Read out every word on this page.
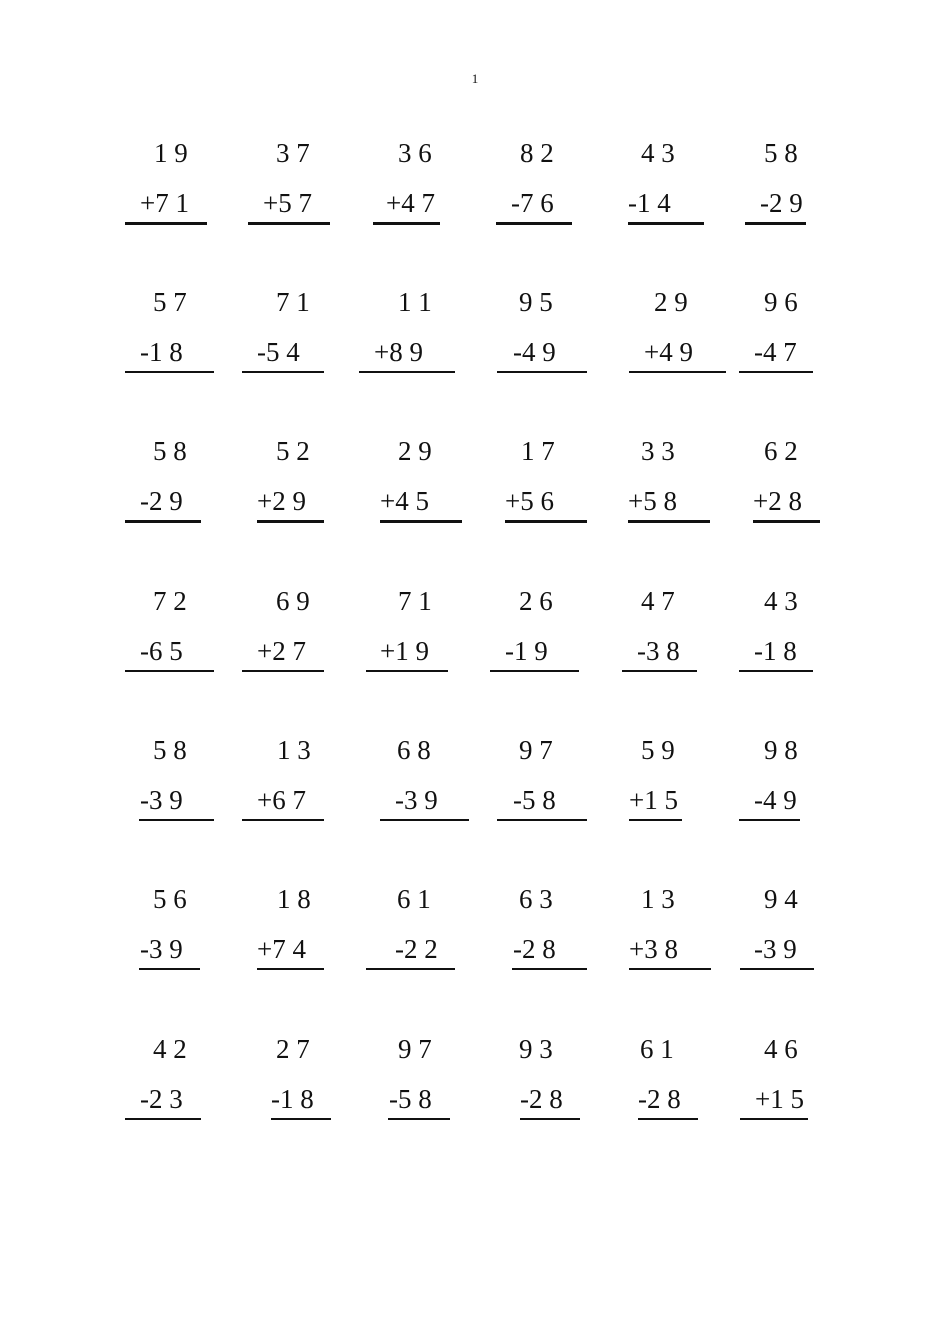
1
1 9
+7 1
3 7
+5 7
3 6
+4 7
8 2
-7 6
4 3
-1 4
5 8
-2 9
5 7
-1 8
7 1
-5 4
1 1
+8 9
9 5
-4 9
2 9
+4 9
9 6
-4 7
5 8
-2 9
5 2
+2 9
2 9
+4 5
1 7
+5 6
3 3
+5 8
6 2
+2 8
7 2
-6 5
6 9
+2 7
7 1
+1 9
2 6
-1 9
4 7
-3 8
4 3
-1 8
5 8
-3 9
1 3
+6 7
6 8
-3 9
9 7
-5 8
5 9
+1 5
9 8
-4 9
5 6
-3 9
1 8
+7 4
6 1
-2 2
6 3
-2 8
1 3
+3 8
9 4
-3 9
4 2
-2 3
2 7
-1 8
9 7
-5 8
9 3
-2 8
6 1
-2 8
4 6
+1 5
